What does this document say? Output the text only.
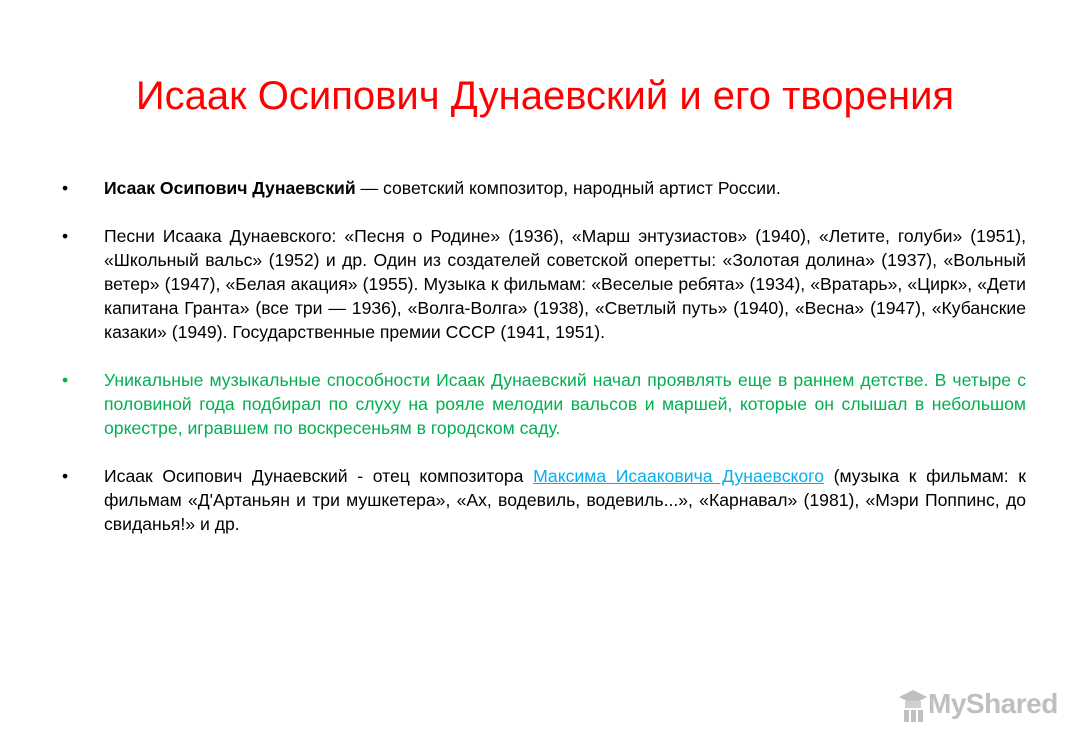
Исаак Осипович Дунаевский и его творения
• Исаак Осипович Дунаевский — советский композитор, народный артист России.
• Песни Исаака Дунаевского: «Песня о Родине» (1936), «Марш энтузиастов» (1940), «Летите, голуби» (1951), «Школьный вальс» (1952) и др. Один из создателей советской оперетты: «Золотая долина» (1937), «Вольный ветер» (1947), «Белая акация» (1955). Музыка к фильмам: «Веселые ребята» (1934), «Вратарь», «Цирк», «Дети капитана Гранта» (все три — 1936), «Волга-Волга» (1938), «Светлый путь» (1940), «Весна» (1947), «Кубанские казаки» (1949). Государственные премии СССР (1941, 1951).
• Уникальные музыкальные способности Исаак Дунаевский начал проявлять еще в раннем детстве. В четыре с половиной года подбирал по слуху на рояле мелодии вальсов и маршей, которые он слышал в небольшом оркестре, игравшем по воскресеньям в городском саду.
• Исаак Осипович Дунаевский - отец композитора Максима Исааковича Дунаевского (музыка к фильмам: к фильмам «Д'Артаньян и три мушкетера», «Ах, водевиль, водевиль...», «Карнавал» (1981), «Мэри Поппинс, до свиданья!» и др.
MyShared
